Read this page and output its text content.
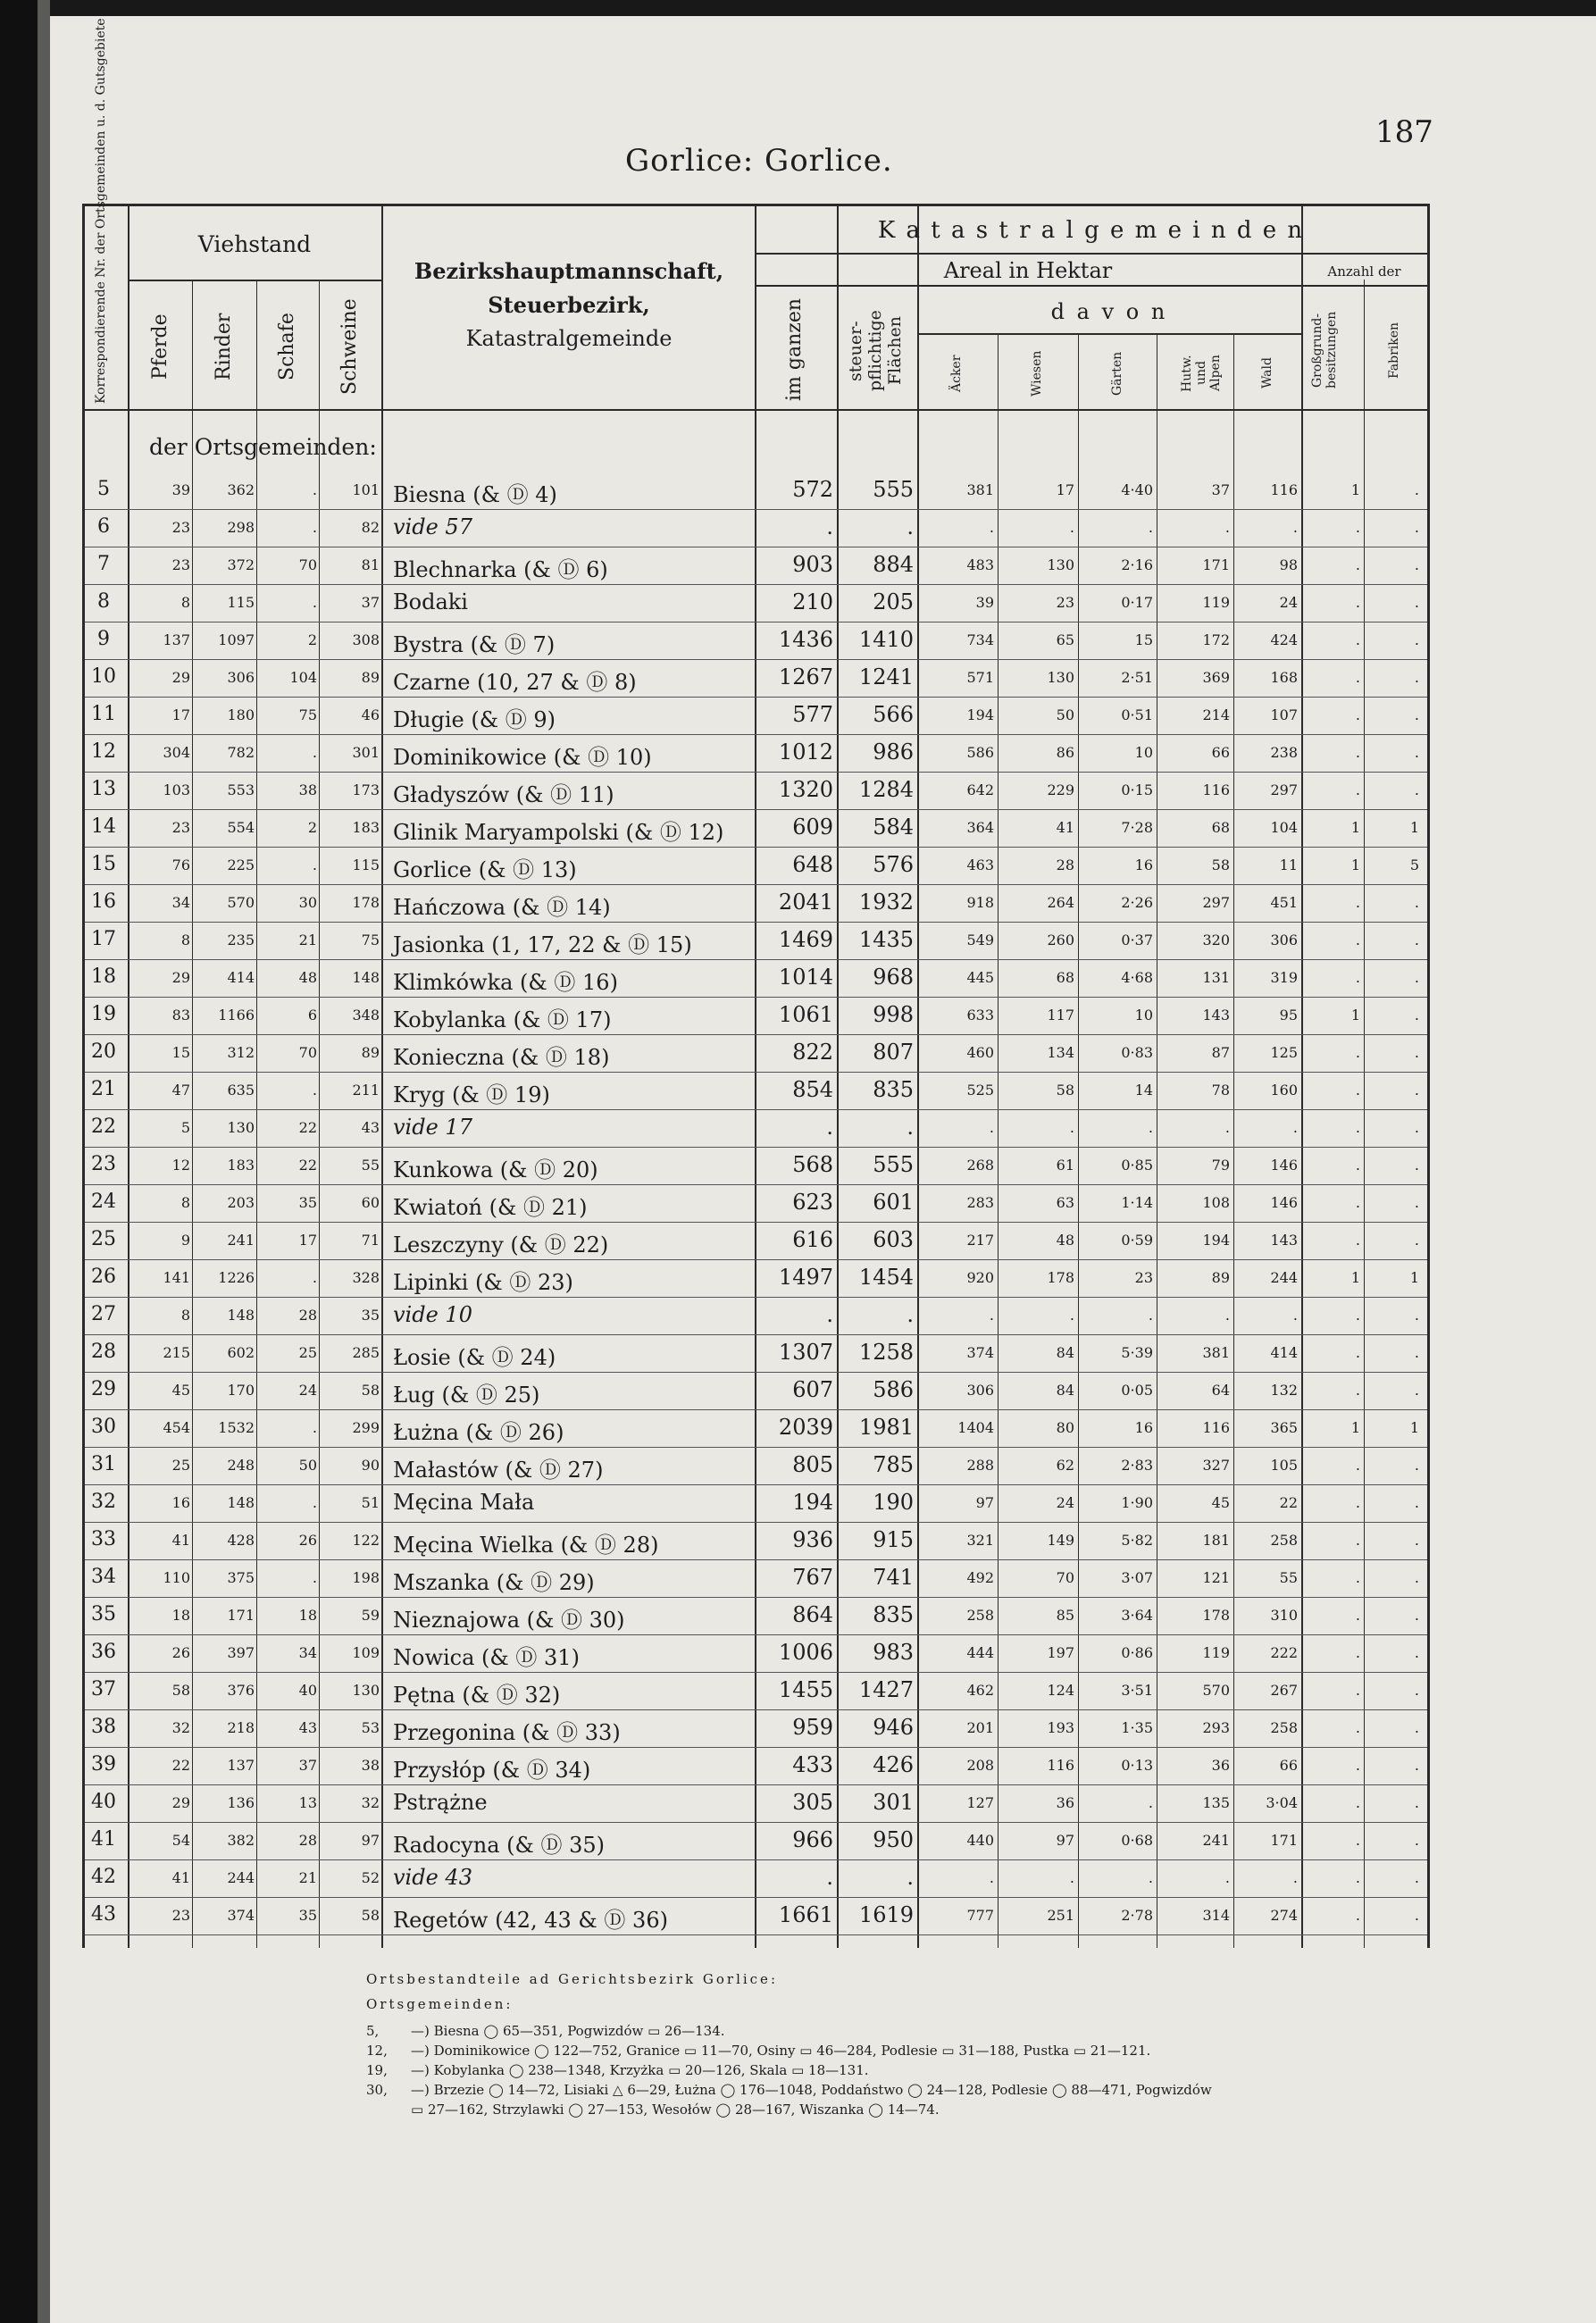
187
Gorlice: Gorlice.
Korrespondierende Nr. der Ortsgemeinden u. d. Gutsgebiete	Viehstand
Pferde Rinder Schafe Schweine
Bezirkshauptmannschaft,
Steuerbezirk,
Katastralgemeinde
K a t a s t r a l g e m e i n d e n
Areal in Hektar	Anzahl der
im ganzen steuer-pflichtige Flächen
d a v o n
Äcker	Wiesen	Gärten	Hutw. und Alpen	Wald	Großgrund-besitzungen	Fabriken
der Ortsgemeinden:
5	39	362	.	101 Biesna (& Ⓓ 4)	572	555	381	17	4·40	37	116	1	.
6	23	298	.	82 vide 57	.	.	.	.	.	.	.	.	.
7	23	372	70	81 Blechnarka (& Ⓓ 6)	903	884	483	130	2·16	171	98	.	.
8	8	115	.	37 Bodaki	210	205	39	23	0·17	119	24	.	.
9	137	1097	2	308 Bystra (& Ⓓ 7)	1436	1410	734	65	15	172	424	.	.
10	29	306	104	89 Czarne (10, 27 & Ⓓ 8)	1267	1241	571	130	2·51	369	168	.	.
11	17	180	75	46 Długie (& Ⓓ 9)	577	566	194	50	0·51	214	107	.	.
12	304	782	.	301 Dominikowice (& Ⓓ 10)	1012	986	586	86	10	66	238	.	.
13	103	553	38	173 Gładyszów (& Ⓓ 11)	1320	1284	642	229	0·15	116	297	.	.
14	23	554	2	183 Glinik Maryampolski (& Ⓓ 12)	609	584	364	41	7·28	68	104	1	1
15	76	225	.	115 Gorlice (& Ⓓ 13)	648	576	463	28	16	58	11	1	5
16	34	570	30	178 Hańczowa (& Ⓓ 14)	2041	1932	918	264	2·26	297	451	.	.
17	8	235	21	75 Jasionka (1, 17, 22 & Ⓓ 15)	1469	1435	549	260	0·37	320	306	.	.
18	29	414	48	148 Klimkówka (& Ⓓ 16)	1014	968	445	68	4·68	131	319	.	.
19	83	1166	6	348 Kobylanka (& Ⓓ 17)	1061	998	633	117	10	143	95	1	.
20	15	312	70	89 Konieczna (& Ⓓ 18)	822	807	460	134	0·83	87	125	.	.
21	47	635	.	211 Kryg (& Ⓓ 19)	854	835	525	58	14	78	160	.	.
22	5	130	22	43 vide 17	.	.	.	.	.	.	.	.	.
23	12	183	22	55 Kunkowa (& Ⓓ 20)	568	555	268	61	0·85	79	146	.	.
24	8	203	35	60 Kwiatoń (& Ⓓ 21)	623	601	283	63	1·14	108	146	.	.
25	9	241	17	71 Leszczyny (& Ⓓ 22)	616	603	217	48	0·59	194	143	.	.
26	141	1226	.	328 Lipinki (& Ⓓ 23)	1497	1454	920	178	23	89	244	1	1
27	8	148	28	35 vide 10	.	.	.	.	.	.	.	.	.
28	215	602	25	285 Łosie (& Ⓓ 24)	1307	1258	374	84	5·39	381	414	.	.
29	45	170	24	58 Ług (& Ⓓ 25)	607	586	306	84	0·05	64	132	.	.
30	454	1532	.	299 Łużna (& Ⓓ 26)	2039	1981	1404	80	16	116	365	1	1
31	25	248	50	90 Małastów (& Ⓓ 27)	805	785	288	62	2·83	327	105	.	.
32	16	148	.	51 Męcina Mała	194	190	97	24	1·90	45	22	.	.
33	41	428	26	122 Męcina Wielka (& Ⓓ 28)	936	915	321	149	5·82	181	258	.	.
34	110	375	.	198 Mszanka (& Ⓓ 29)	767	741	492	70	3·07	121	55	.	.
35	18	171	18	59 Nieznajowa (& Ⓓ 30)	864	835	258	85	3·64	178	310	.	.
36	26	397	34	109 Nowica (& Ⓓ 31)	1006	983	444	197	0·86	119	222	.	.
37	58	376	40	130 Pętna (& Ⓓ 32)	1455	1427	462	124	3·51	570	267	.	.
38	32	218	43	53 Przegonina (& Ⓓ 33)	959	946	201	193	1·35	293	258	.	.
39	22	137	37	38 Przysłóp (& Ⓓ 34)	433	426	208	116	0·13	36	66	.	.
40	29	136	13	32 Pstrążne	305	301	127	36	.	135	3·04	.	.
41	54	382	28	97 Radocyna (& Ⓓ 35)	966	950	440	97	0·68	241	171	.	.
42	41	244	21	52 vide 43	.	.	.	.	.	.	.	.	.
43	23	374	35	58 Regetów (42, 43 & Ⓓ 36)	1661	1619	777	251	2·78	314	274	.	.
Ortsbestandteile ad Gerichtsbezirk Gorlice:
Ortsgemeinden:
5, —) Biesna ◯ 65—351, Pogwizdów ▭ 26—134.
12, —) Dominikowice ◯ 122—752, Granice ▭ 11—70, Osiny ▭ 46—284, Podlesie ▭ 31—188, Pustka ▭ 21—121.
19, —) Kobylanka ◯ 238—1348, Krzyżka ▭ 20—126, Skala ▭ 18—131.
30, —) Brzezie ◯ 14—72, Lisiaki △ 6—29, Łużna ◯ 176—1048, Poddaństwo ◯ 24—128, Podlesie ◯ 88—471, Pogwizdów
▭ 27—162, Strzylawki ◯ 27—153, Wesołów ◯ 28—167, Wiszanka ◯ 14—74.
